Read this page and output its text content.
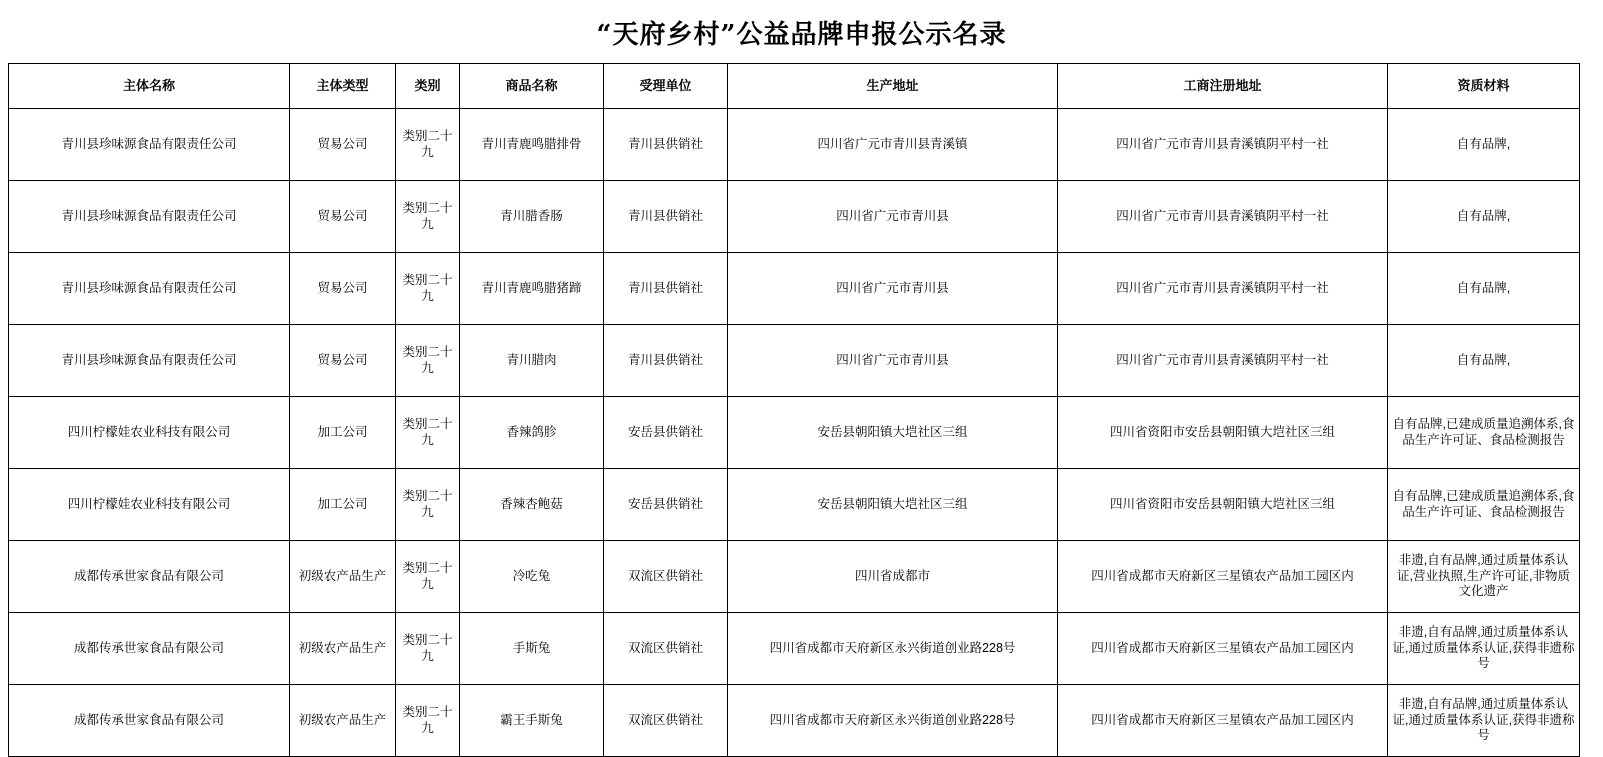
“天府乡村”公益品牌申报公示名录
主体名称	主体类型	类别	商品名称	受理单位	生产地址	工商注册地址	资质材料
青川县珍味源食品有限责任公司	贸易公司	类别二十九	青川青鹿鸣腊排骨	青川县供销社	四川省广元市青川县青溪镇	四川省广元市青川县青溪镇阴平村一社	自有品牌,
青川县珍味源食品有限责任公司	贸易公司	类别二十九	青川腊香肠	青川县供销社	四川省广元市青川县	四川省广元市青川县青溪镇阴平村一社	自有品牌,
青川县珍味源食品有限责任公司	贸易公司	类别二十九	青川青鹿鸣腊猪蹄	青川县供销社	四川省广元市青川县	四川省广元市青川县青溪镇阴平村一社	自有品牌,
青川县珍味源食品有限责任公司	贸易公司	类别二十九	青川腊肉	青川县供销社	四川省广元市青川县	四川省广元市青川县青溪镇阴平村一社	自有品牌,
四川柠檬娃农业科技有限公司	加工公司	类别二十九	香辣鸽胗	安岳县供销社	安岳县朝阳镇大垲社区三组	四川省资阳市安岳县朝阳镇大垲社区三组	自有品牌,已建成质量追溯体系,食品生产许可证、食品检测报告
四川柠檬娃农业科技有限公司	加工公司	类别二十九	香辣杏鲍菇	安岳县供销社	安岳县朝阳镇大垲社区三组	四川省资阳市安岳县朝阳镇大垲社区三组	自有品牌,已建成质量追溯体系,食品生产许可证、食品检测报告
成都传承世家食品有限公司	初级农产品生产	类别二十九	冷吃兔	双流区供销社	四川省成都市	四川省成都市天府新区三星镇农产品加工园区内	非遗,自有品牌,通过质量体系认证,营业执照,生产许可证,非物质文化遗产
成都传承世家食品有限公司	初级农产品生产	类别二十九	手斯兔	双流区供销社	四川省成都市天府新区永兴街道创业路228号	四川省成都市天府新区三星镇农产品加工园区内	非遗,自有品牌,通过质量体系认证,通过质量体系认证,获得非遗称号
成都传承世家食品有限公司	初级农产品生产	类别二十九	霸王手斯兔	双流区供销社	四川省成都市天府新区永兴街道创业路228号	四川省成都市天府新区三星镇农产品加工园区内	非遗,自有品牌,通过质量体系认证,通过质量体系认证,获得非遗称号
